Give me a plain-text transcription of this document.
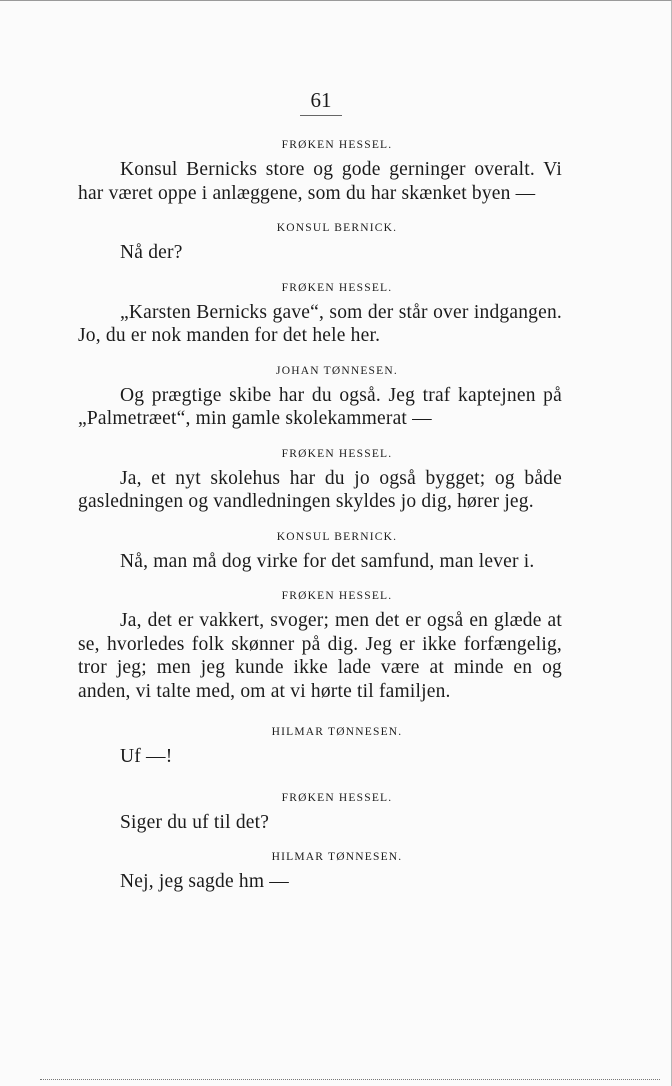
61
FRØKEN HESSEL.

Konsul Bernicks store og gode gerninger overalt. Vi har været oppe i anlæggene, som du har skænket byen —

KONSUL BERNICK.

Nå der?

FRØKEN HESSEL.

„Karsten Bernicks gave“, som der står over indgangen. Jo, du er nok manden for det hele her.

JOHAN TØNNESEN.

Og prægtige skibe har du også. Jeg traf kaptejnen på „Palmetræet“, min gamle skolekammerat —

FRØKEN HESSEL.

Ja, et nyt skolehus har du jo også bygget; og både gasledningen og vandledningen skyldes jo dig, hører jeg.

KONSUL BERNICK.

Nå, man må dog virke for det samfund, man lever i.

FRØKEN HESSEL.

Ja, det er vakkert, svoger; men det er også en glæde at se, hvorledes folk skønner på dig. Jeg er ikke forfængelig, tror jeg; men jeg kunde ikke lade være at minde en og anden, vi talte med, om at vi hørte til familjen.

HILMAR TØNNESEN.

Uf —!

FRØKEN HESSEL.

Siger du uf til det?

HILMAR TØNNESEN.

Nej, jeg sagde hm —
